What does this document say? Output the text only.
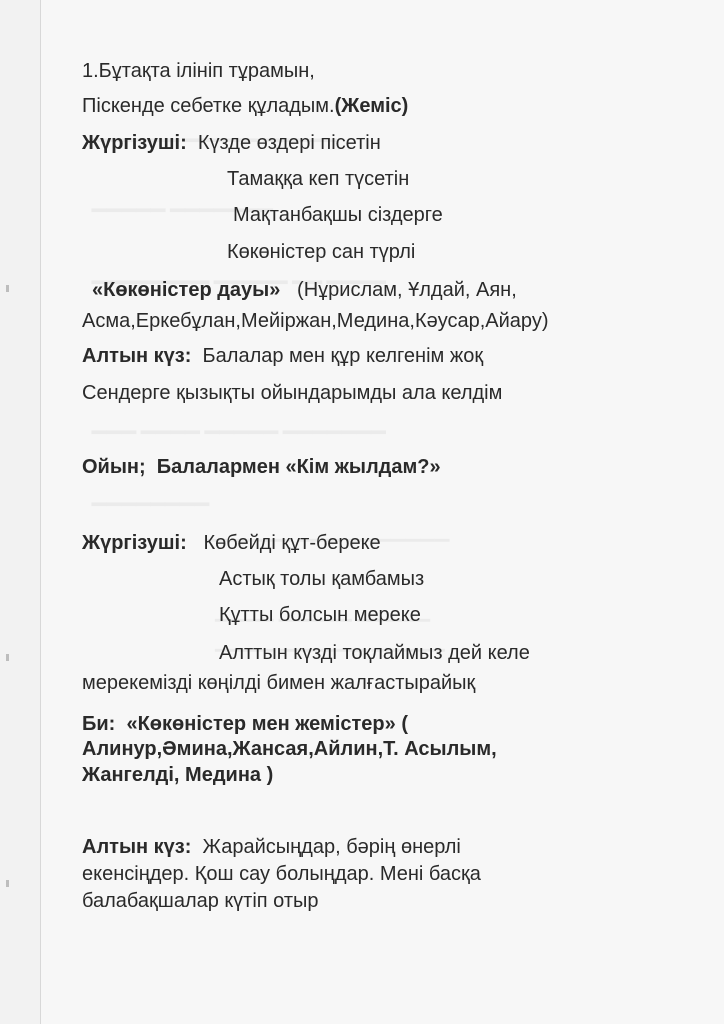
1.Бұтақта ілініп тұрамын,
Піскенде себетке құладым.(Жеміс)
Жүргізуші: Күзде өздері пісетін
Тамаққа кеп түсетін
Мақтанбақшы сіздерге
Көкөністер сан түрлі
«Көкөністер дауы» (Нұрислам, Ұлдай, Аян,
Асма,Еркебұлан,Мейіржан,Медина,Кәусар,Айару)
Алтын күз: Балалар мен құр келгенім жоқ
Сендерге қызықты ойындарымды ала келдім
Ойын; Балалармен «Кім жылдам?»
Жүргізуші: Көбейді құт-береке
Астық толы қамбамыз
Құтты болсын мереке
Алттын күзді тоқлаймыз дей келе
мерекемізді көңілді бимен жалғастырайық
Би: «Көкөністер мен жемістер» (
Алинур,Әмина,Жансая,Айлин,Т. Асылым,
Жангелді, Медина )
Алтын күз: Жарайсыңдар, бәрің өнерлі
екенсіңдер. Қош сау болыңдар. Мені басқа
балабақшалар күтіп отыр
